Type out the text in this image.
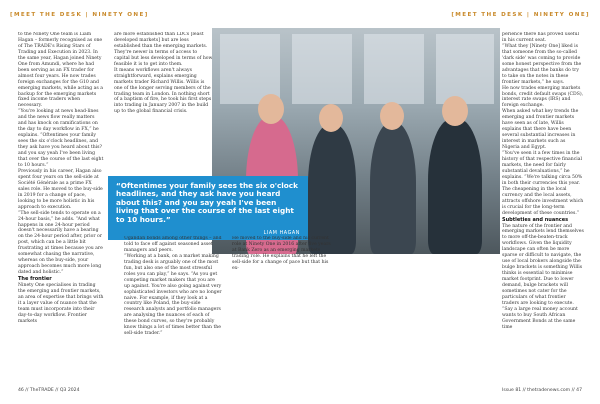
[MEET THE DESK | NINETY ONE]	[MEET THE DESK | NINETY ONE]

to the Ninety One team is Liam Hagan – formerly recognised as one of The TRADE's Rising Stars of Trading and Execution in 2023. In the same year, Hagan joined Ninety One from Amundi, where he had been serving as an FX trader for almost four years. He now trades foreign exchanges for the G10 and emerging markets, while acting as a backup for the emerging markets fixed income traders when necessary.

“You're looking at news head-lines and the news flow really matters and has knock on ramifications on the day to day workflow in FX,” he explains. “Oftentimes your family sees the six o'clock headlines, and they ask have you heard about this? and you say yeah I've been living that over the course of the last eight to 10 hours.”

Previously in his career, Hagan also spent four years on the sell-side at Société Générale as a prime FX sales role. He moved to the buy-side in 2019 for a change of pace, looking to be more holistic in his approach to execution.

“The sell-side tends to operate on a 24-hour basis,” he adds. “And what happens in one 24-hour period doesn't necessarily have a bearing on the 24-hour period after, prior or post, which can be a little bit frustrating at times because you are somewhat chasing the narrative, whereas on the buy-side, your approach becomes much more long dated and holistic.”

The frontier

Ninety One specialises in trading the emerging and frontier markets, an area of expertise that brings with it a layer value of nuance that the team must incorporate into their day-to-day workflow. Frontier markets

are more established than LDCs [least developed markets] but are less established than the emerging markets. They're newer in terms of access to capital but less developed in terms of how feasible it is to get into them.

It means workflows aren't always straightforward, explains emerging markets trader Richard Willis. Willis is one of the longer serving members of the trading team in London. In nothing short of a baptism of fire, he took his first steps into trading in January 2007 in the build up to the global financial crisis.

“Oftentimes your family sees the six o'clock headlines, and they ask have you heard about this? and you say yeah I've been living that over the course of the last eight to 10 hours.”
LIAM HAGAN

Ugandan bonds among other things – and told to face off against seasoned asset managers and peers.

“Working at a bank, on a market making trading desk is arguably one of the most fun, but also one of the most stressful roles you can play,” he says. “As you get competing market makers that you are up against. You're also going against very sophisticated investors who are no longer naive. For example, if they look at a country like Poland, the buy-side research analysts and portfolio managers are analysing the nuances of each of these bond curves, so they're probably know things a lot of times better than the sell-side trader.”

He moved to the buy-side and his current role at Ninety One in 2016 after five years at Bank Zero as an emerging markets trading role. He explains that he left the sell-side for a change of pace but that his ex-

perience there has proved useful in his current seat.

“What they [Ninety One] liked is that someone from the so-called 'dark side' was coming to provide some honest perspective from the advantages that the banks do try to take on the notes in these frontier markets,” he says.

He now trades emerging markets bonds, credit default swaps (CDS), interest rate swaps (IRS) and foreign exchange.

When asked what key trends the emerging and frontier markets have seen as of late, Willis explains that there have been several substantial increases in interest in markets such as Nigeria and Egypt.

“You've seen it a few times in the history of that respective financial markets, the need for fairly substantial devaluations,” he explains. “We're talking circa 50% in both their currencies this year. The cheapening in the local currency and the local assets, attracts offshore investment which is crucial for the long-term development of these countries.”

Subtleties and nuances

The nature of the frontier and emerging markets lend themselves to more off-the-beaten-track workflows. Given the liquidity landscape can often be more sparse or difficult to navigate, the use of local brokers alongside the bulge brackets is something Willis thinks is essential to minimise market footprint. Due to lower demand, bulge brackets will sometimes not cater for the particulars of what frontier traders are looking to execute.

“Say a large real money account wants to buy South African Government Bonds at the same time

46 // TheTRADE // Q3 2024	Issue 81 // thetradenews.com // 47
